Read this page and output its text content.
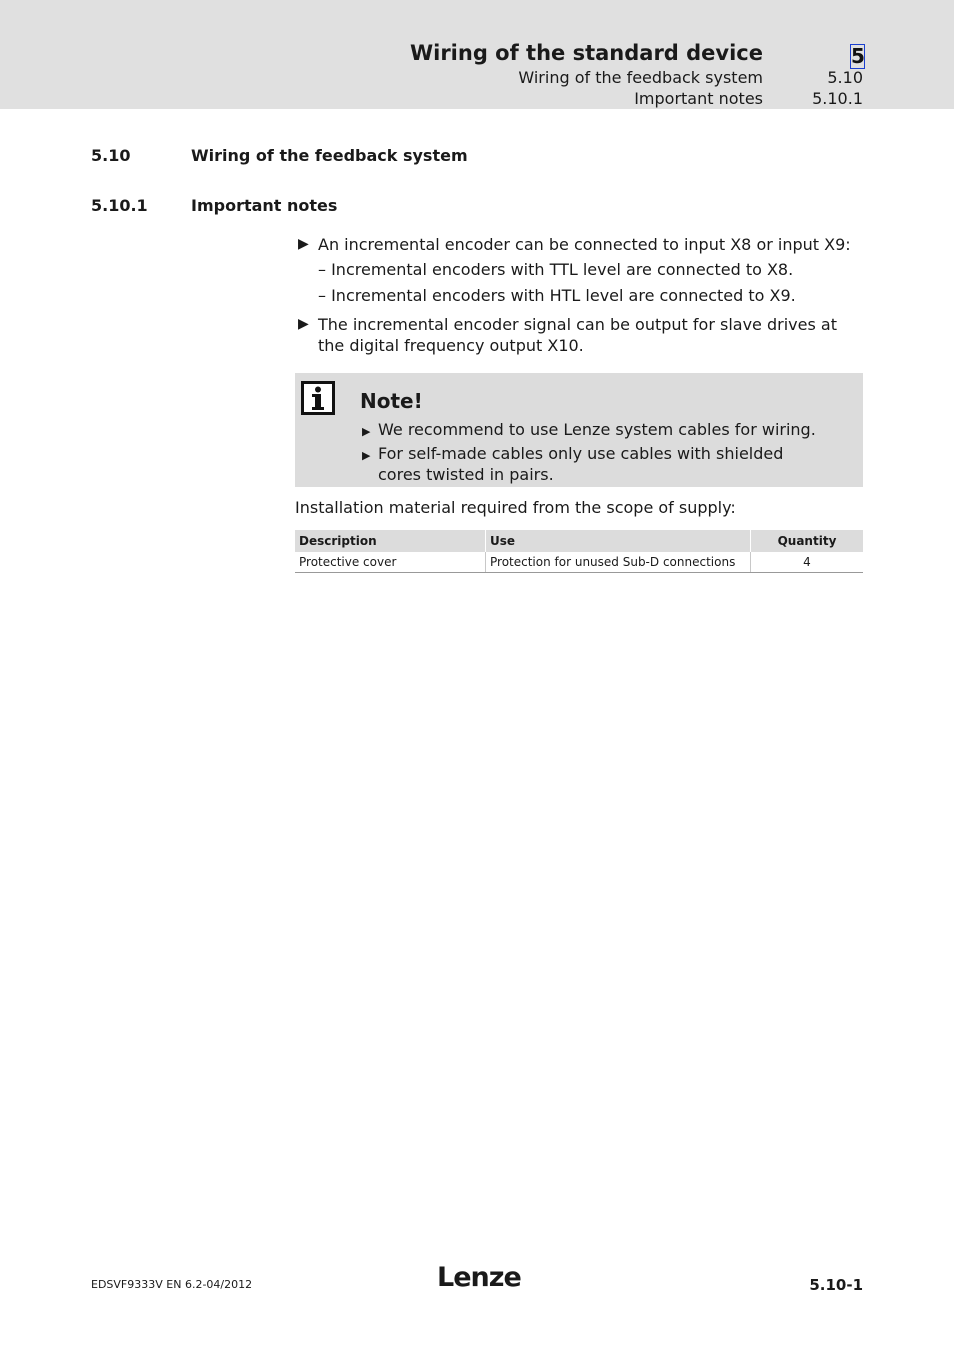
Wiring of the standard device	5
Wiring of the feedback system	5.10
Important notes	5.10.1
5.10	Wiring of the feedback system
5.10.1	Important notes
▶ An incremental encoder can be connected to input X8 or input X9:
– Incremental encoders with TTL level are connected to X8.
– Incremental encoders with HTL level are connected to X9.
▶ The incremental encoder signal can be output for slave drives at the digital frequency output X10.
Note!
▶ We recommend to use Lenze system cables for wiring.
▶ For self-made cables only use cables with shielded cores twisted in pairs.
Installation material required from the scope of supply:
Description	Use	Quantity
Protective cover	Protection for unused Sub-D connections	4
EDSVF9333V EN 6.2-04/2012	Lenze	5.10-1
